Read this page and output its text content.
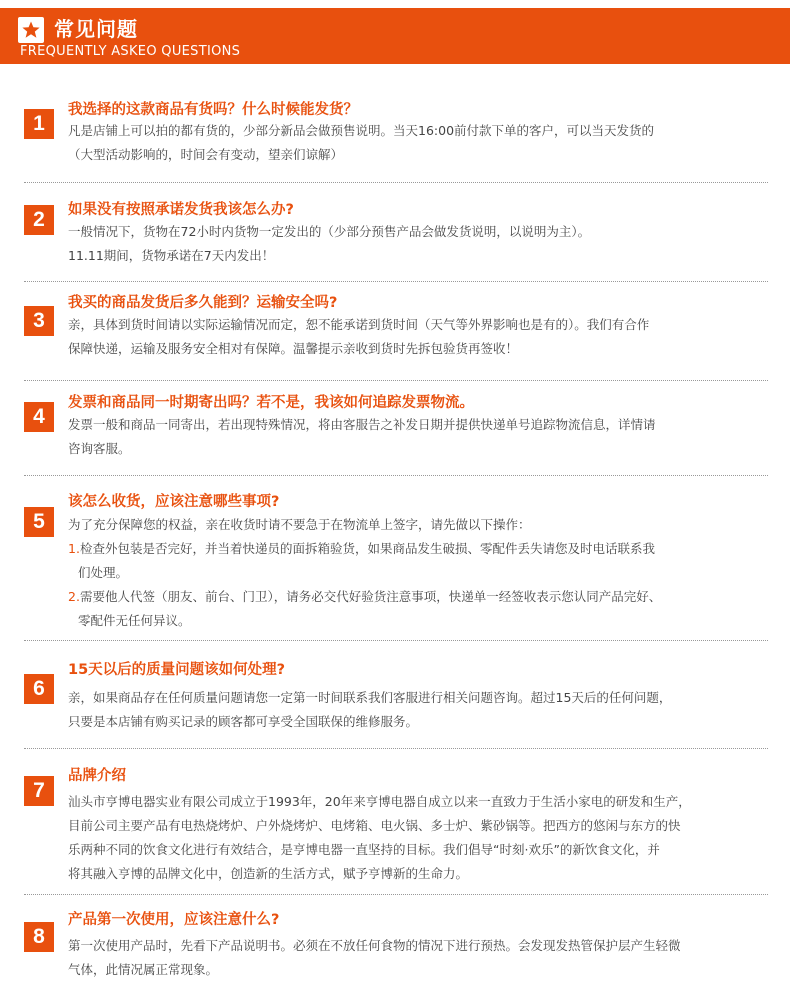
常见问题
FREQUENTLY ASKEO QUESTIONS
1
我选择的这款商品有货吗？什么时候能发货？
凡是店铺上可以拍的都有货的，少部分新品会做预售说明。当天16:00前付款下单的客户，可以当天发货的
（大型活动影响的，时间会有变动，望亲们谅解）
2	如果没有按照承诺发货我该怎么办?
一般情况下，货物在72小时内货物一定发出的（少部分预售产品会做发货说明，以说明为主）。
11.11期间，货物承诺在7天内发出！
3
我买的商品发货后多久能到？运输安全吗?
亲，具体到货时间请以实际运输情况而定，恕不能承诺到货时间（天气等外界影响也是有的）。我们有合作
保障快递，运输及服务安全相对有保障。温馨提示亲收到货时先拆包验货再签收！
4
发票和商品同一时期寄出吗？若不是，我该如何追踪发票物流。
发票一般和商品一同寄出，若出现特殊情况，将由客服告之补发日期并提供快递单号追踪物流信息，详情请
咨询客服。
5
该怎么收货，应该注意哪些事项?
为了充分保障您的权益，亲在收货时请不要急于在物流单上签字，请先做以下操作：
1.检查外包装是否完好，并当着快递员的面拆箱验货，如果商品发生破损、零配件丢失请您及时电话联系我
们处理。
2.需要他人代签（朋友、前台、门卫），请务必交代好验货注意事项，快递单一经签收表示您认同产品完好、
零配件无任何异议。
6
15天以后的质量问题该如何处理?
亲，如果商品存在任何质量问题请您一定第一时间联系我们客服进行相关问题咨询。超过15天后的任何问题，
只要是本店铺有购买记录的顾客都可享受全国联保的维修服务。
7
品牌介绍
汕头市亨博电器实业有限公司成立于1993年，20年来亨博电器自成立以来一直致力于生活小家电的研发和生产，
目前公司主要产品有电热烧烤炉、户外烧烤炉、电烤箱、电火锅、多士炉、紫砂锅等。把西方的悠闲与东方的快
乐两种不同的饮食文化进行有效结合，是亨博电器一直坚持的目标。我们倡导“时刻·欢乐”的新饮食文化，并
将其融入亨博的品牌文化中，创造新的生活方式，赋予亨博新的生命力。
8
产品第一次使用，应该注意什么?
第一次使用产品时，先看下产品说明书。必须在不放任何食物的情况下进行预热。会发现发热管保护层产生轻微
气体，此情况属正常现象。
